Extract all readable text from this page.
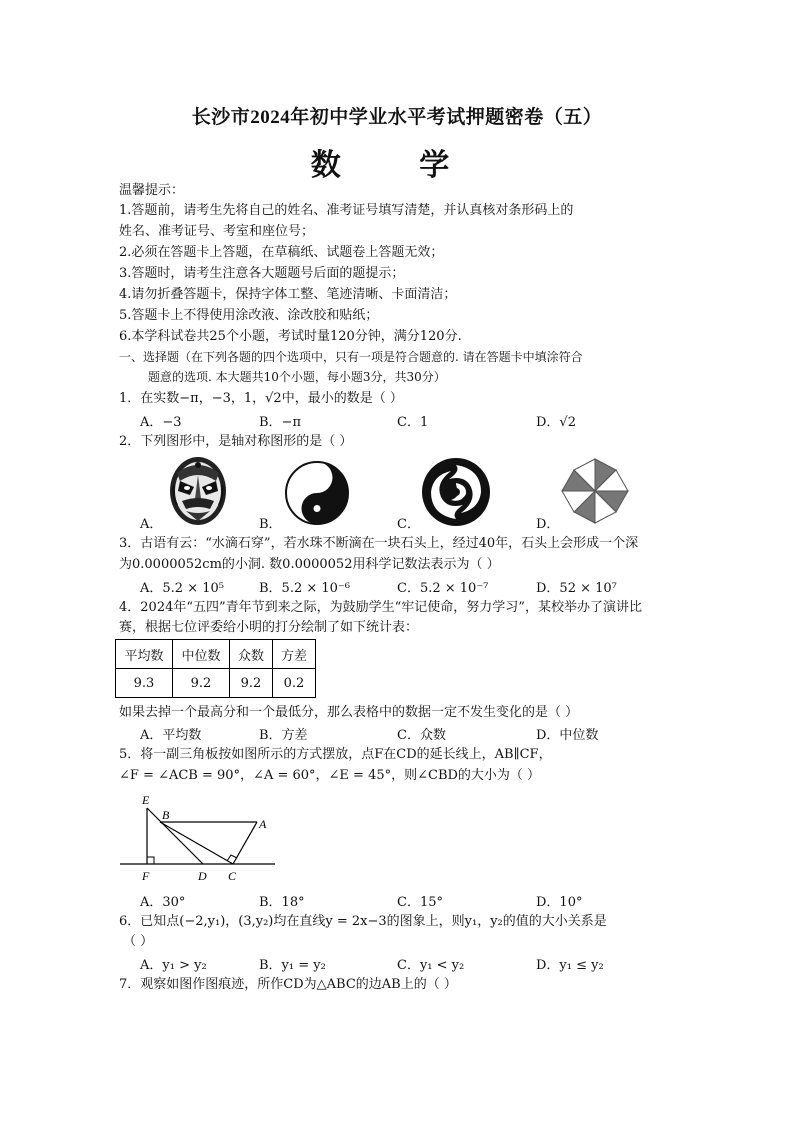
长沙市2024年初中学业水平考试押题密卷（五）
数 学
温馨提示：
1.答题前，请考生先将自己的姓名、准考证号填写清楚，并认真核对条形码上的
姓名、准考证号、考室和座位号；
2.必须在答题卡上答题，在草稿纸、试题卷上答题无效；
3.答题时，请考生注意各大题题号后面的题提示；
4.请勿折叠答题卡，保持字体工整、笔迹清晰、卡面清洁；
5.答题卡上不得使用涂改液、涂改胶和贴纸；
6.本学科试卷共25个小题，考试时量120分钟，满分120分.
一、选择题（在下列各题的四个选项中，只有一项是符合题意的. 请在答题卡中填涂符合
题意的选项. 本大题共10个小题，每小题3分，共30分）
1．在实数−π，−3，1，√2中，最小的数是（ ）
A．−3	B．−π	C．1	D．√2
2．下列图形中，是轴对称图形的是（ ）
A．	B．	C．	D．
3．古语有云：“水滴石穿”，若水珠不断滴在一块石头上，经过40年，石头上会形成一个深
为0.0000052cm的小洞. 数0.0000052用科学记数法表示为（ ）
A．5.2 × 10⁵	B．5.2 × 10⁻⁶	C．5.2 × 10⁻⁷	D．52 × 10⁷
4．2024年“五四”青年节到来之际，为鼓励学生“牢记使命，努力学习”，某校举办了演讲比
赛，根据七位评委给小明的打分绘制了如下统计表：
平均数	中位数	众数	方差
9.3	9.2	9.2	0.2
如果去掉一个最高分和一个最低分，那么表格中的数据一定不发生变化的是（ ）
A．平均数	B．方差	C．众数	D．中位数
5．将一副三角板按如图所示的方式摆放，点F在CD的延长线上，AB∥CF，
∠F = ∠ACB = 90°，∠A = 60°，∠E = 45°，则∠CBD的大小为（ ）
E
B
A
F	D C
A．30°	B．18°	C．15°	D．10°
6．已知点(−2,y₁)，(3,y₂)均在直线y = 2x−3的图象上，则y₁，y₂的值的大小关系是
（ ）
A．y₁ > y₂	B．y₁ = y₂	C．y₁ < y₂	D．y₁ ≤ y₂
7．观察如图作图痕迹，所作CD为△ABC的边AB上的（ ）
